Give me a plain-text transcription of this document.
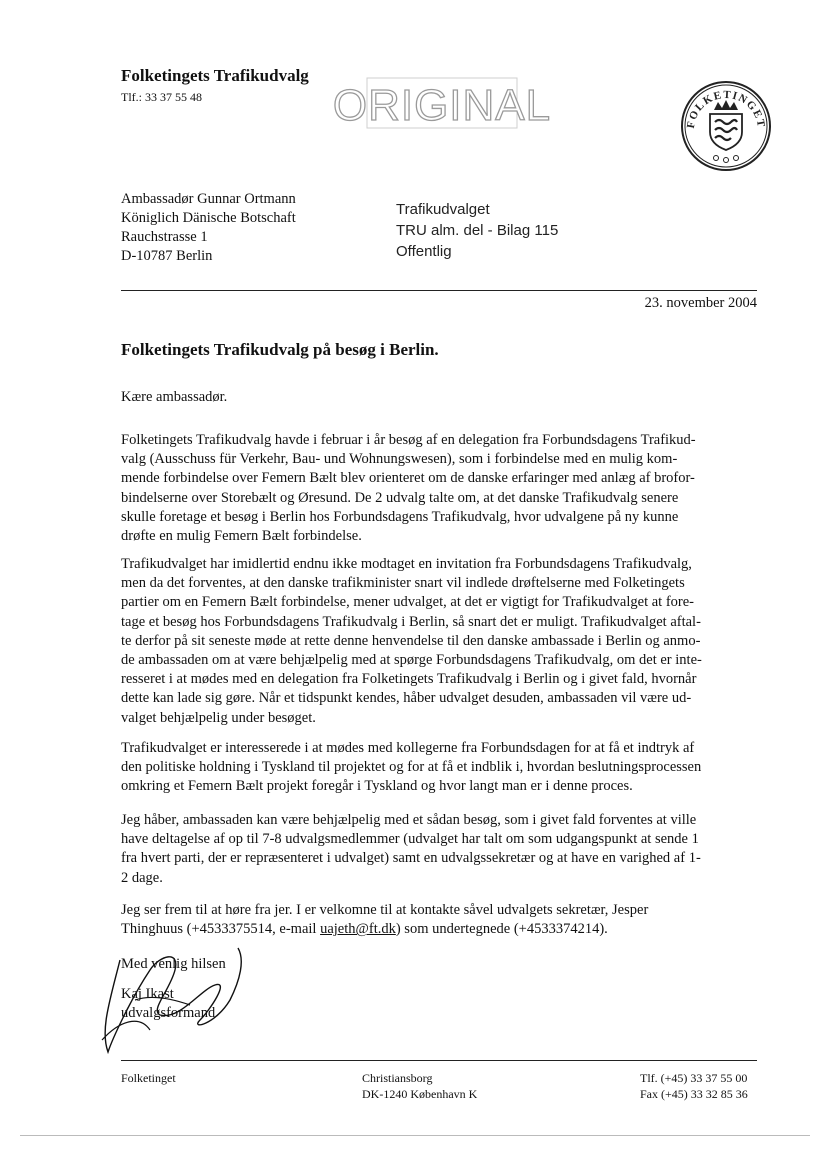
Folketingets Trafikudvalg
Tlf.: 33 37 55 48	ORIGINAL	FOLKETINGET
Ambassadør Gunnar Ortmann
Königlich Dänische Botschaft
Rauchstrasse 1
D-10787 Berlin
Trafikudvalget
TRU alm. del - Bilag 115
Offentlig
23. november 2004
Folketingets Trafikudvalg på besøg i Berlin.
Kære ambassadør.
Folketingets Trafikudvalg havde i februar i år besøg af en delegation fra Forbundsdagens Trafikud-
valg (Ausschuss für Verkehr, Bau- und Wohnungswesen), som i forbindelse med en mulig kom-
mende forbindelse over Femern Bælt blev orienteret om de danske erfaringer med anlæg af brofor-
bindelserne over Storebælt og Øresund. De 2 udvalg talte om, at det danske Trafikudvalg senere
skulle foretage et besøg i Berlin hos Forbundsdagens Trafikudvalg, hvor udvalgene på ny kunne
drøfte en mulig Femern Bælt forbindelse.
Trafikudvalget har imidlertid endnu ikke modtaget en invitation fra Forbundsdagens Trafikudvalg,
men da det forventes, at den danske trafikminister snart vil indlede drøftelserne med Folketingets
partier om en Femern Bælt forbindelse, mener udvalget, at det er vigtigt for Trafikudvalget at fore-
tage et besøg hos Forbundsdagens Trafikudvalg i Berlin, så snart det er muligt. Trafikudvalget aftal-
te derfor på sit seneste møde at rette denne henvendelse til den danske ambassade i Berlin og anmo-
de ambassaden om at være behjælpelig med at spørge Forbundsdagens Trafikudvalg, om det er inte-
resseret i at mødes med en delegation fra Folketingets Trafikudvalg i Berlin og i givet fald, hvornår
dette kan lade sig gøre. Når et tidspunkt kendes, håber udvalget desuden, ambassaden vil være ud-
valget behjælpelig under besøget.
Trafikudvalget er interesserede i at mødes med kollegerne fra Forbundsdagen for at få et indtryk af
den politiske holdning i Tyskland til projektet og for at få et indblik i, hvordan beslutningsprocessen
omkring et Femern Bælt projekt foregår i Tyskland og hvor langt man er i denne proces.
Jeg håber, ambassaden kan være behjælpelig med et sådan besøg, som i givet fald forventes at ville
have deltagelse af op til 7-8 udvalgsmedlemmer (udvalget har talt om som udgangspunkt at sende 1
fra hvert parti, der er repræsenteret i udvalget) samt en udvalgssekretær og at have en varighed af 1-
2 dage.
Jeg ser frem til at høre fra jer. I er velkomne til at kontakte såvel udvalgets sekretær, Jesper
Thinghuus (+4533375514, e-mail uajeth@ft.dk) som undertegnede (+4533374214).
Med venlig hilsen
Kaj Ikast
udvalgsformand
Folketinget	Christiansborg
DK-1240 København K
Tlf. (+45) 33 37 55 00
Fax (+45) 33 32 85 36
